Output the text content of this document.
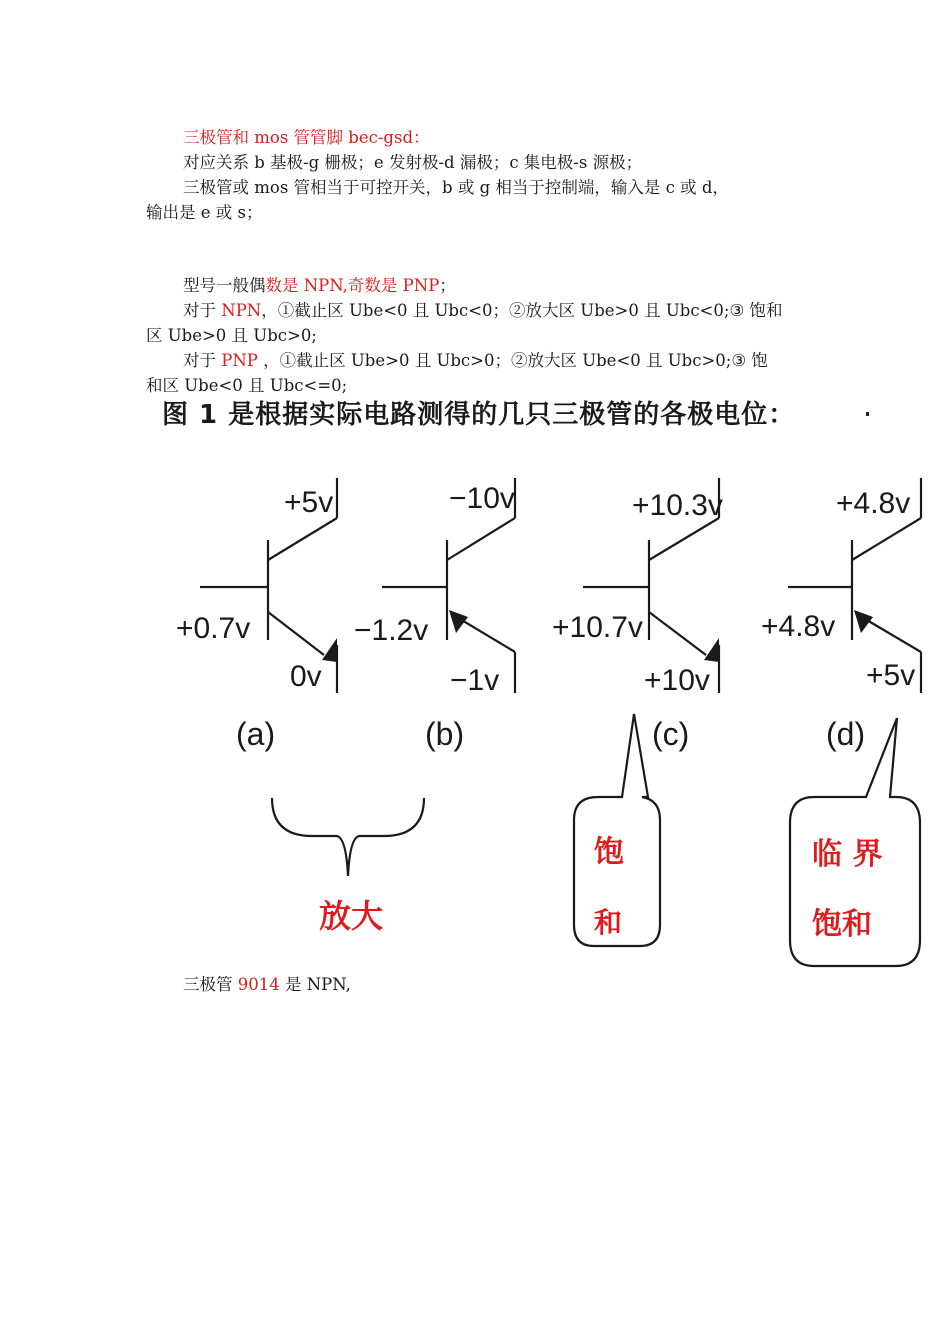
三极管和 mos 管管脚 bec-gsd：
对应关系 b 基极-g 栅极；e 发射极-d 漏极；c 集电极-s 源极；
三极管或 mos 管相当于可控开关，b 或 g 相当于控制端，输入是 c 或 d，
输出是 e 或 s；
型号一般偶数是 NPN,奇数是 PNP；
对于 NPN，①截止区 Ube<0 且 Ubc<0；②放大区 Ube>0 且 Ubc<0;③ 饱和
区 Ube>0 且 Ubc>0;
对于 PNP ，①截止区 Ube>0 且 Ubc>0；②放大区 Ube<0 且 Ubc>0;③ 饱
和区 Ube<0 且 Ubc<=0;
图 1 是根据实际电路测得的几只三极管的各极电位：
+5v
+0.7v
0v
(a)
−10v
−1.2v
−1v
(b)
+10.3v
+10.7v
+10v
(c)
+4.8v
+4.8v
+5v
(d)
放大
饱
和
临 界
饱和
三极管 9014 是 NPN,
